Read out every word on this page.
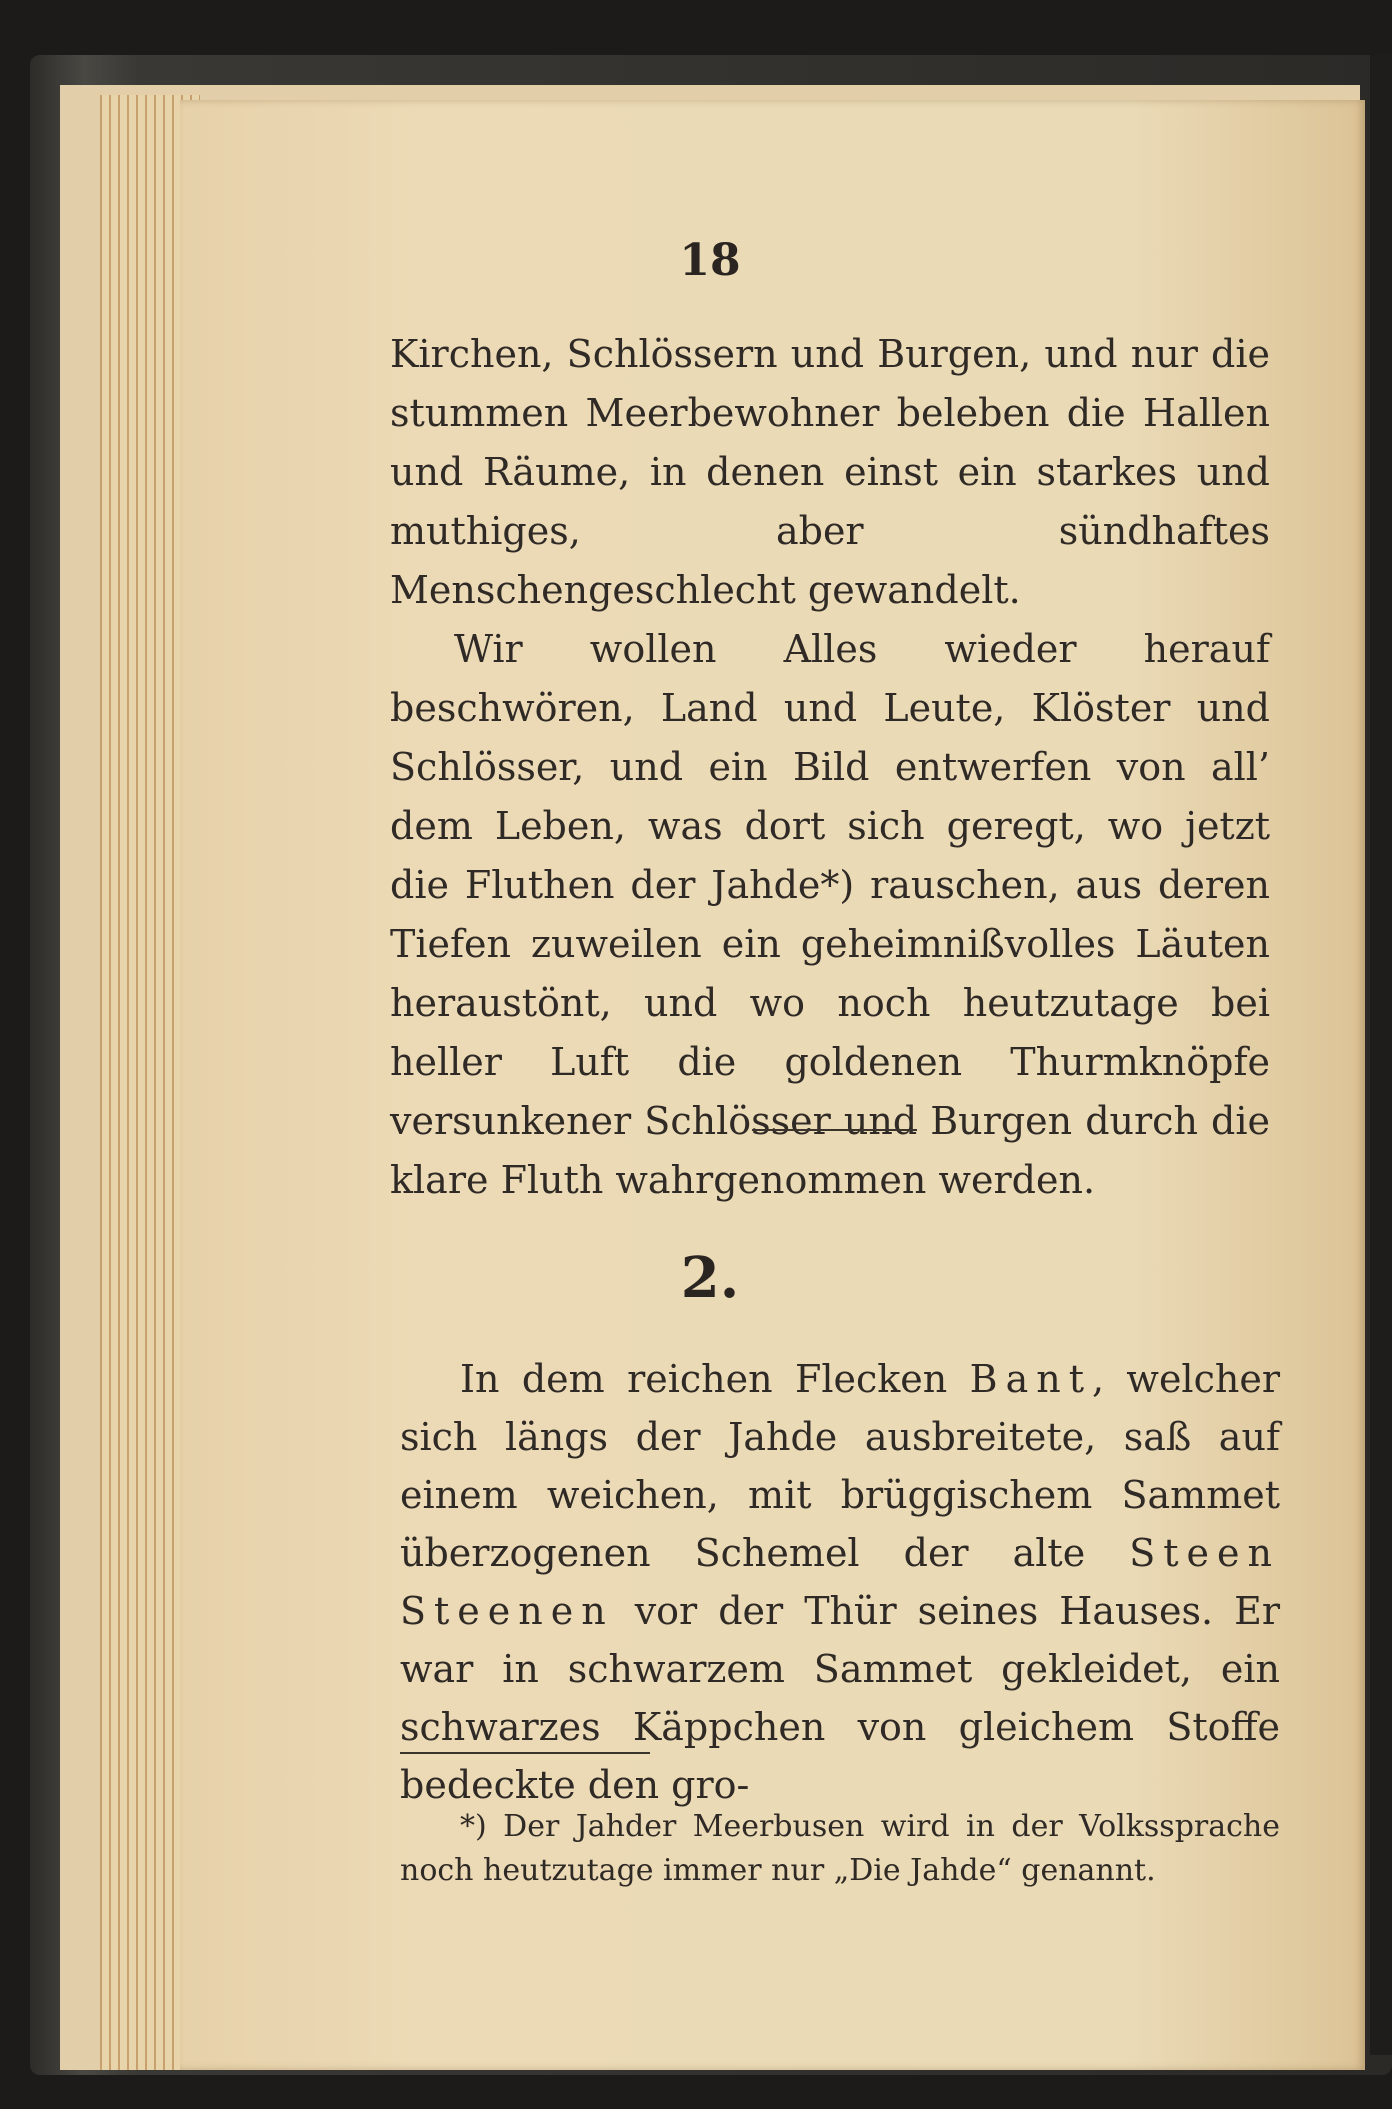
18

Kirchen, Schlössern und Burgen, und nur die stummen Meerbewohner beleben die Hallen und Räume, in denen einst ein starkes und muthiges, aber sündhaftes Menschengeschlecht gewandelt.

Wir wollen Alles wieder herauf beschwören, Land und Leute, Klöster und Schlösser, und ein Bild entwerfen von all’ dem Leben, was dort sich geregt, wo jetzt die Fluthen der Jahde*) rauschen, aus deren Tiefen zuweilen ein geheimnißvolles Läuten heraustönt, und wo noch heutzutage bei heller Luft die goldenen Thurmknöpfe versunkener Schlösser und Burgen durch die klare Fluth wahrgenommen werden.

2.

In dem reichen Flecken Bant, welcher sich längs der Jahde ausbreitete, saß auf einem weichen, mit brüggischem Sammet überzogenen Schemel der alte Steen Steenen vor der Thür seines Hauses. Er war in schwarzem Sammet gekleidet, ein schwarzes Käppchen von gleichem Stoffe bedeckte den gro-

*) Der Jahder Meerbusen wird in der Volkssprache noch heutzutage immer nur „Die Jahde“ genannt.
